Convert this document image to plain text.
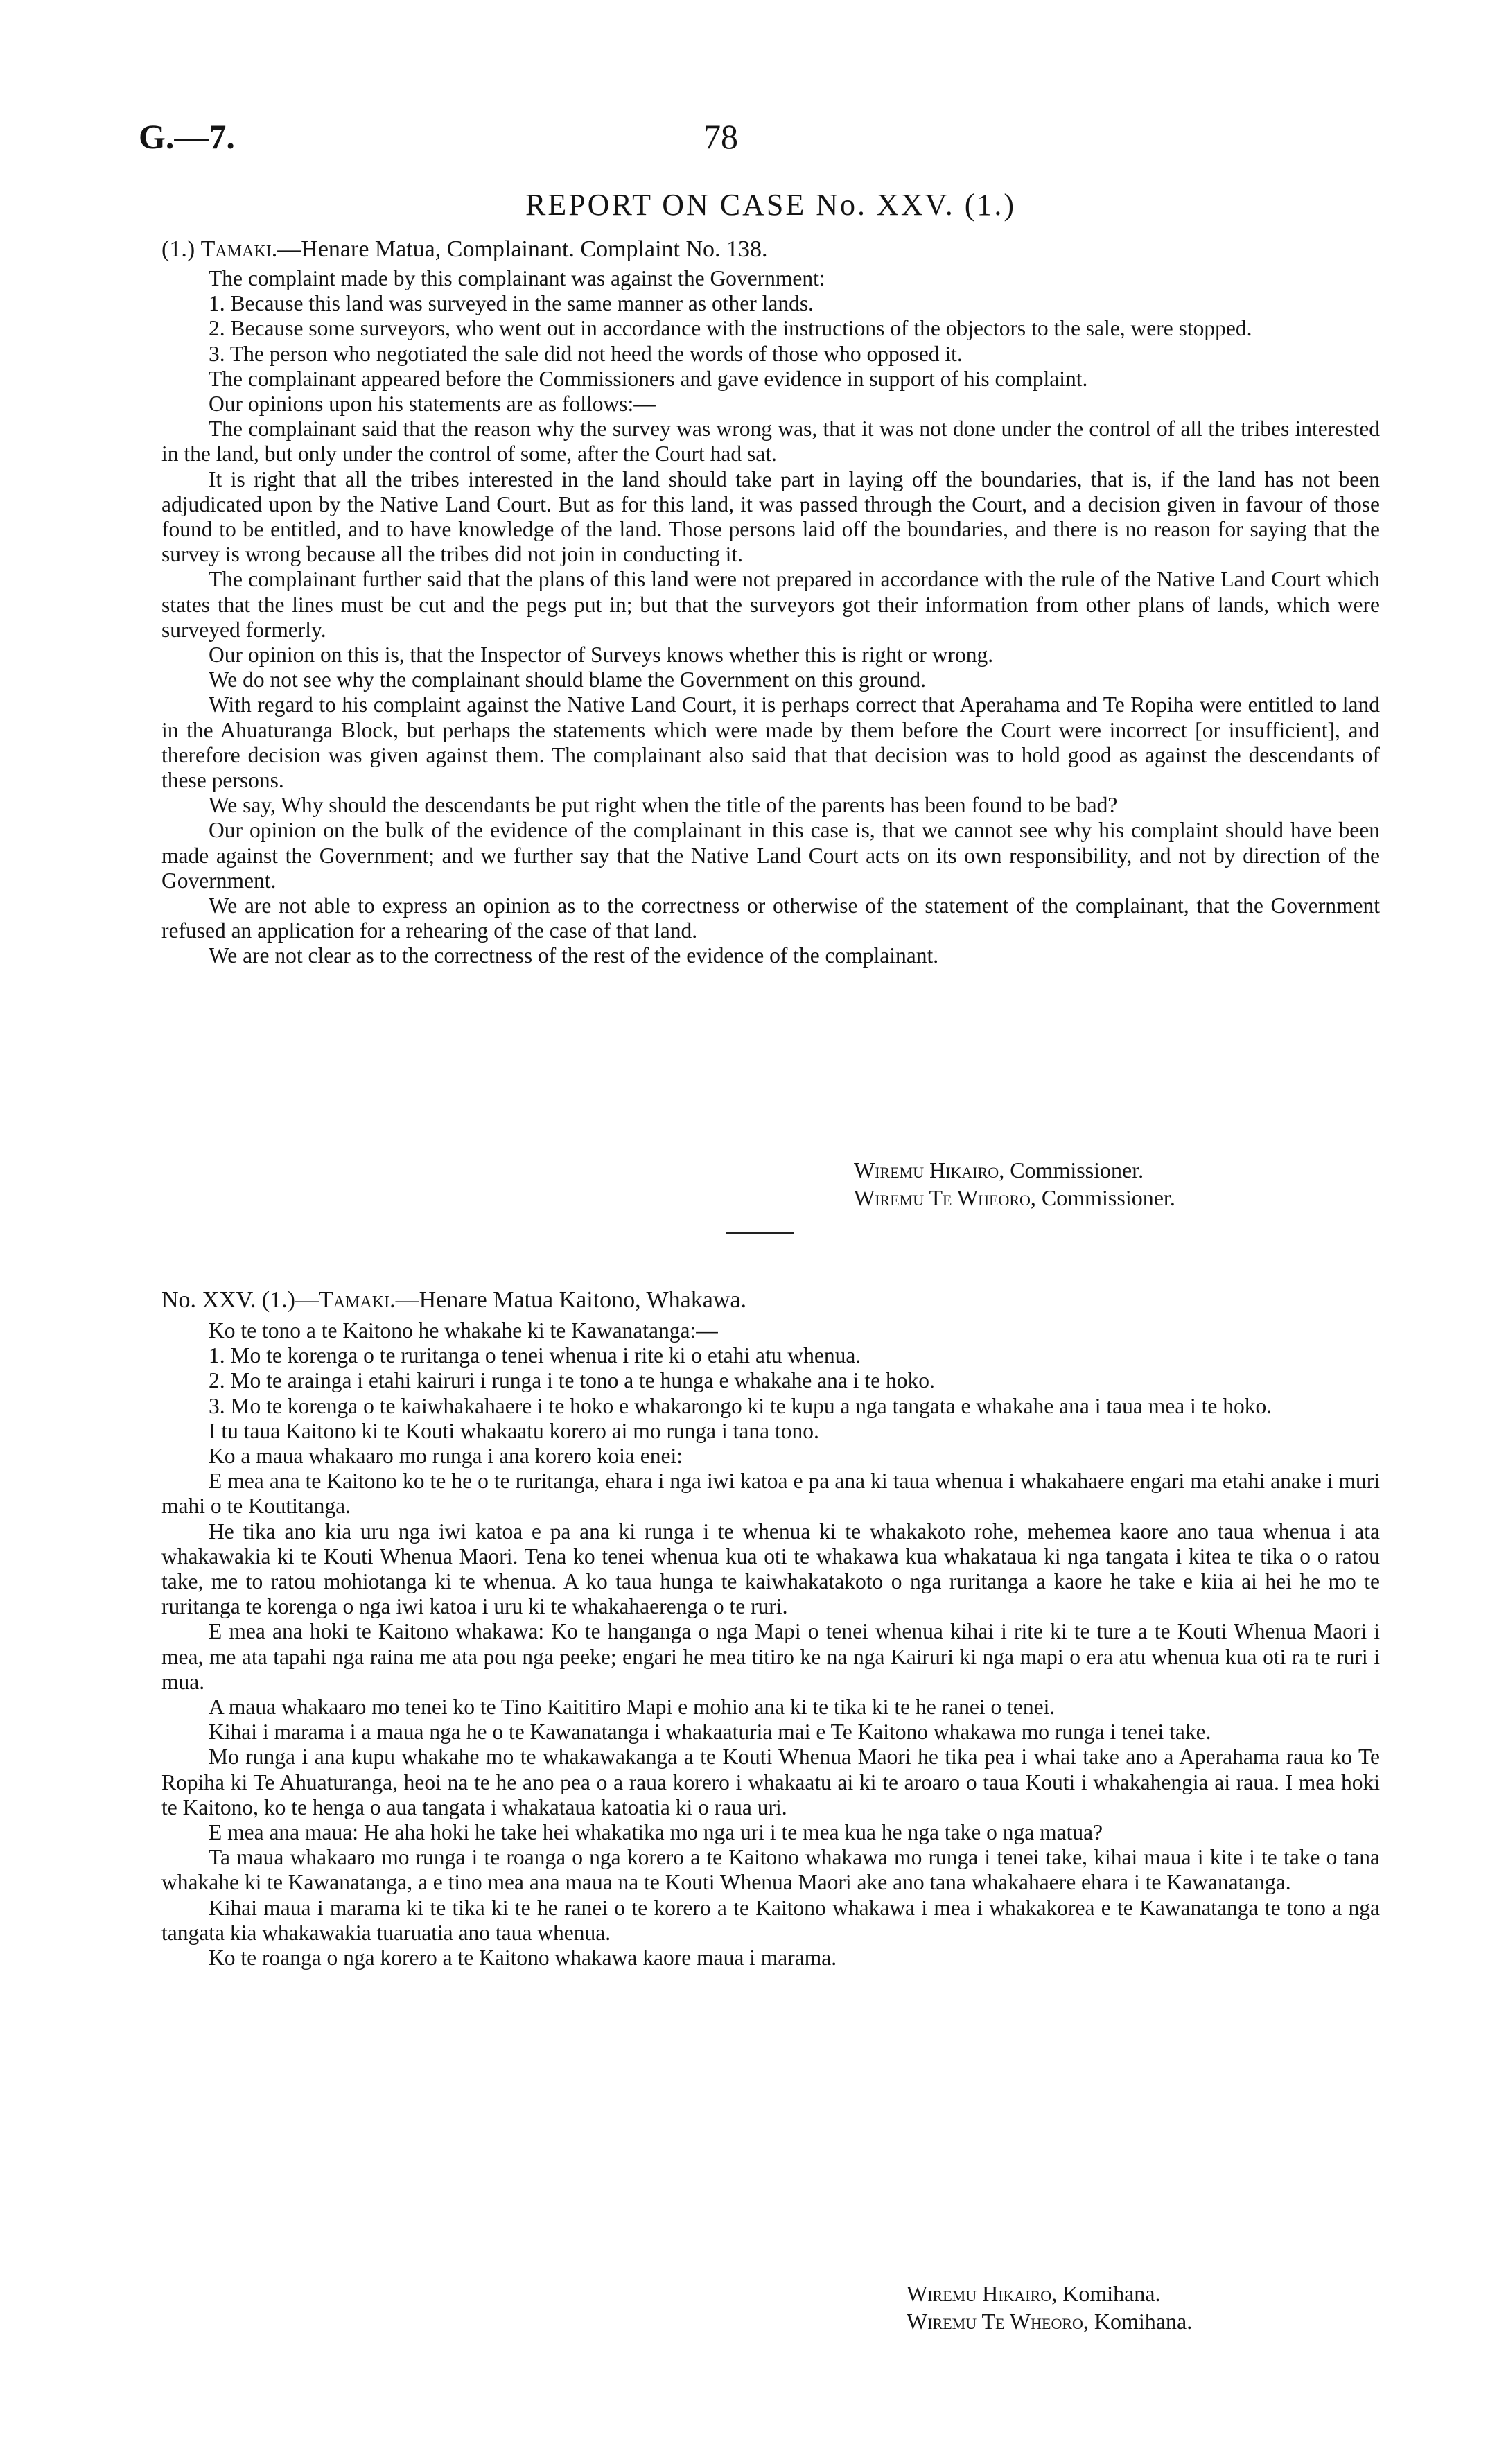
G.—7.	78
REPORT ON CASE No. XXV. (1.)

(1.) Tamaki.—Henare Matua, Complainant. Complaint No. 138.

The complaint made by this complainant was against the Government:

1. Because this land was surveyed in the same manner as other lands.

2. Because some surveyors, who went out in accordance with the instructions of the objectors to the sale, were stopped.

3. The person who negotiated the sale did not heed the words of those who opposed it.

The complainant appeared before the Commissioners and gave evidence in support of his complaint.

Our opinions upon his statements are as follows:—

The complainant said that the reason why the survey was wrong was, that it was not done under the control of all the tribes interested in the land, but only under the control of some, after the Court had sat.

It is right that all the tribes interested in the land should take part in laying off the boundaries, that is, if the land has not been adjudicated upon by the Native Land Court. But as for this land, it was passed through the Court, and a decision given in favour of those found to be entitled, and to have knowledge of the land. Those persons laid off the boundaries, and there is no reason for saying that the survey is wrong because all the tribes did not join in conducting it.

The complainant further said that the plans of this land were not prepared in accordance with the rule of the Native Land Court which states that the lines must be cut and the pegs put in; but that the surveyors got their information from other plans of lands, which were surveyed formerly.

Our opinion on this is, that the Inspector of Surveys knows whether this is right or wrong.

We do not see why the complainant should blame the Government on this ground.

With regard to his complaint against the Native Land Court, it is perhaps correct that Aperahama and Te Ropiha were entitled to land in the Ahuaturanga Block, but perhaps the statements which were made by them before the Court were incorrect [or insufficient], and therefore decision was given against them. The complainant also said that that decision was to hold good as against the descendants of these persons.

We say, Why should the descendants be put right when the title of the parents has been found to be bad?

Our opinion on the bulk of the evidence of the complainant in this case is, that we cannot see why his complaint should have been made against the Government; and we further say that the Native Land Court acts on its own responsibility, and not by direction of the Government.

We are not able to express an opinion as to the correctness or otherwise of the statement of the complainant, that the Government refused an application for a rehearing of the case of that land.

We are not clear as to the correctness of the rest of the evidence of the complainant.

Wiremu Hikairo, Commissioner.
Wiremu Te Wheoro, Commissioner.

No. XXV. (1.)—Tamaki.—Henare Matua Kaitono, Whakawa.

Ko te tono a te Kaitono he whakahe ki te Kawanatanga:—

1. Mo te korenga o te ruritanga o tenei whenua i rite ki o etahi atu whenua.

2. Mo te arainga i etahi kairuri i runga i te tono a te hunga e whakahe ana i te hoko.

3. Mo te korenga o te kaiwhakahaere i te hoko e whakarongo ki te kupu a nga tangata e whakahe ana i taua mea i te hoko.

I tu taua Kaitono ki te Kouti whakaatu korero ai mo runga i tana tono.

Ko a maua whakaaro mo runga i ana korero koia enei:

E mea ana te Kaitono ko te he o te ruritanga, ehara i nga iwi katoa e pa ana ki taua whenua i whakahaere engari ma etahi anake i muri mahi o te Koutitanga.

He tika ano kia uru nga iwi katoa e pa ana ki runga i te whenua ki te whakakoto rohe, mehemea kaore ano taua whenua i ata whakawakia ki te Kouti Whenua Maori. Tena ko tenei whenua kua oti te whakawa kua whakataua ki nga tangata i kitea te tika o o ratou take, me to ratou mohiotanga ki te whenua. A ko taua hunga te kaiwhakatakoto o nga ruritanga a kaore he take e kiia ai hei he mo te ruritanga te korenga o nga iwi katoa i uru ki te whakahaerenga o te ruri.

E mea ana hoki te Kaitono whakawa: Ko te hanganga o nga Mapi o tenei whenua kihai i rite ki te ture a te Kouti Whenua Maori i mea, me ata tapahi nga raina me ata pou nga peeke; engari he mea titiro ke na nga Kairuri ki nga mapi o era atu whenua kua oti ra te ruri i mua.

A maua whakaaro mo tenei ko te Tino Kaititiro Mapi e mohio ana ki te tika ki te he ranei o tenei.

Kihai i marama i a maua nga he o te Kawanatanga i whakaaturia mai e Te Kaitono whakawa mo runga i tenei take.

Mo runga i ana kupu whakahe mo te whakawakanga a te Kouti Whenua Maori he tika pea i whai take ano a Aperahama raua ko Te Ropiha ki Te Ahuaturanga, heoi na te he ano pea o a raua korero i whakaatu ai ki te aroaro o taua Kouti i whakahengia ai raua. I mea hoki te Kaitono, ko te henga o aua tangata i whakataua katoatia ki o raua uri.

E mea ana maua: He aha hoki he take hei whakatika mo nga uri i te mea kua he nga take o nga matua?

Ta maua whakaaro mo runga i te roanga o nga korero a te Kaitono whakawa mo runga i tenei take, kihai maua i kite i te take o tana whakahe ki te Kawanatanga, a e tino mea ana maua na te Kouti Whenua Maori ake ano tana whakahaere ehara i te Kawanatanga.

Kihai maua i marama ki te tika ki te he ranei o te korero a te Kaitono whakawa i mea i whakakorea e te Kawanatanga te tono a nga tangata kia whakawakia tuaruatia ano taua whenua.

Ko te roanga o nga korero a te Kaitono whakawa kaore maua i marama.

Wiremu Hikairo, Komihana.
Wiremu Te Wheoro, Komihana.
